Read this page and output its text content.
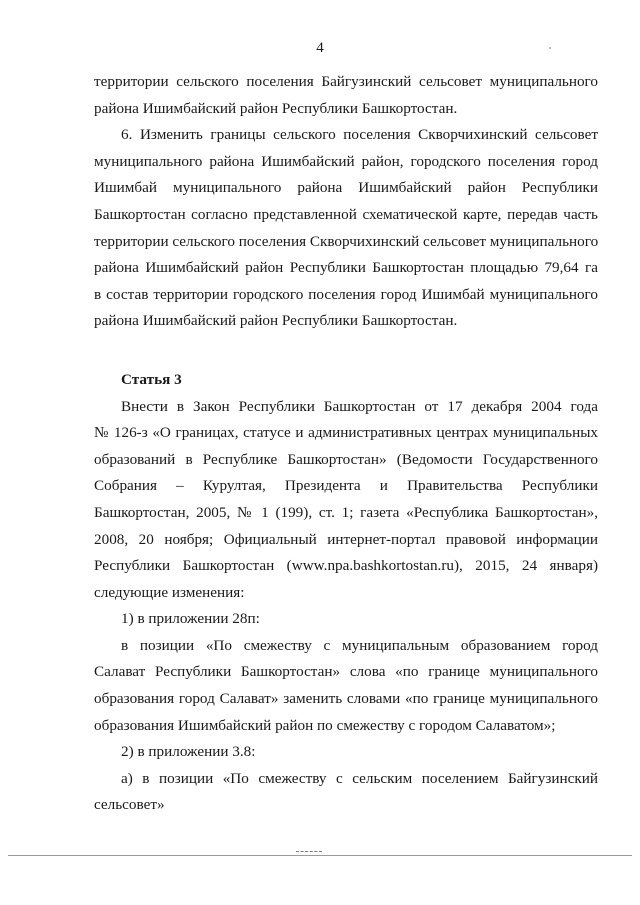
4
территории сельского поселения Байгузинский сельсовет муниципального
района Ишимбайский район Республики Башкортостан.
6. Изменить границы сельского поселения Скворчихинский сельсовет
муниципального района Ишимбайский район, городского поселения город
Ишимбай муниципального района Ишимбайский район Республики
Башкортостан согласно представленной схематической карте, передав часть
территории сельского поселения Скворчихинский сельсовет муниципального
района Ишимбайский район Республики Башкортостан площадью 79,64 га
в состав территории городского поселения город Ишимбай муниципального
района Ишимбайский район Республики Башкортостан.
Статья 3
Внести в Закон Республики Башкортостан от 17 декабря 2004 года
№ 126-з «О границах, статусе и административных центрах муниципальных
образований в Республике Башкортостан» (Ведомости Государственного
Собрания – Курултая, Президента и Правительства Республики
Башкортостан, 2005, № 1 (199), ст. 1; газета «Республика Башкортостан»,
2008, 20 ноября; Официальный интернет-портал правовой информации
Республики Башкортостан (www.npa.bashkortostan.ru), 2015, 24 января)
следующие изменения:
1) в приложении 28п:
в позиции «По смежеству с муниципальным образованием город
Салават Республики Башкортостан» слова «по границе муниципального
образования город Салават» заменить словами «по границе муниципального
образования Ишимбайский район по смежеству с городом Салаватом»;
2) в приложении 3.8:
а) в позиции «По смежеству с сельским поселением Байгузинский
сельсовет»
